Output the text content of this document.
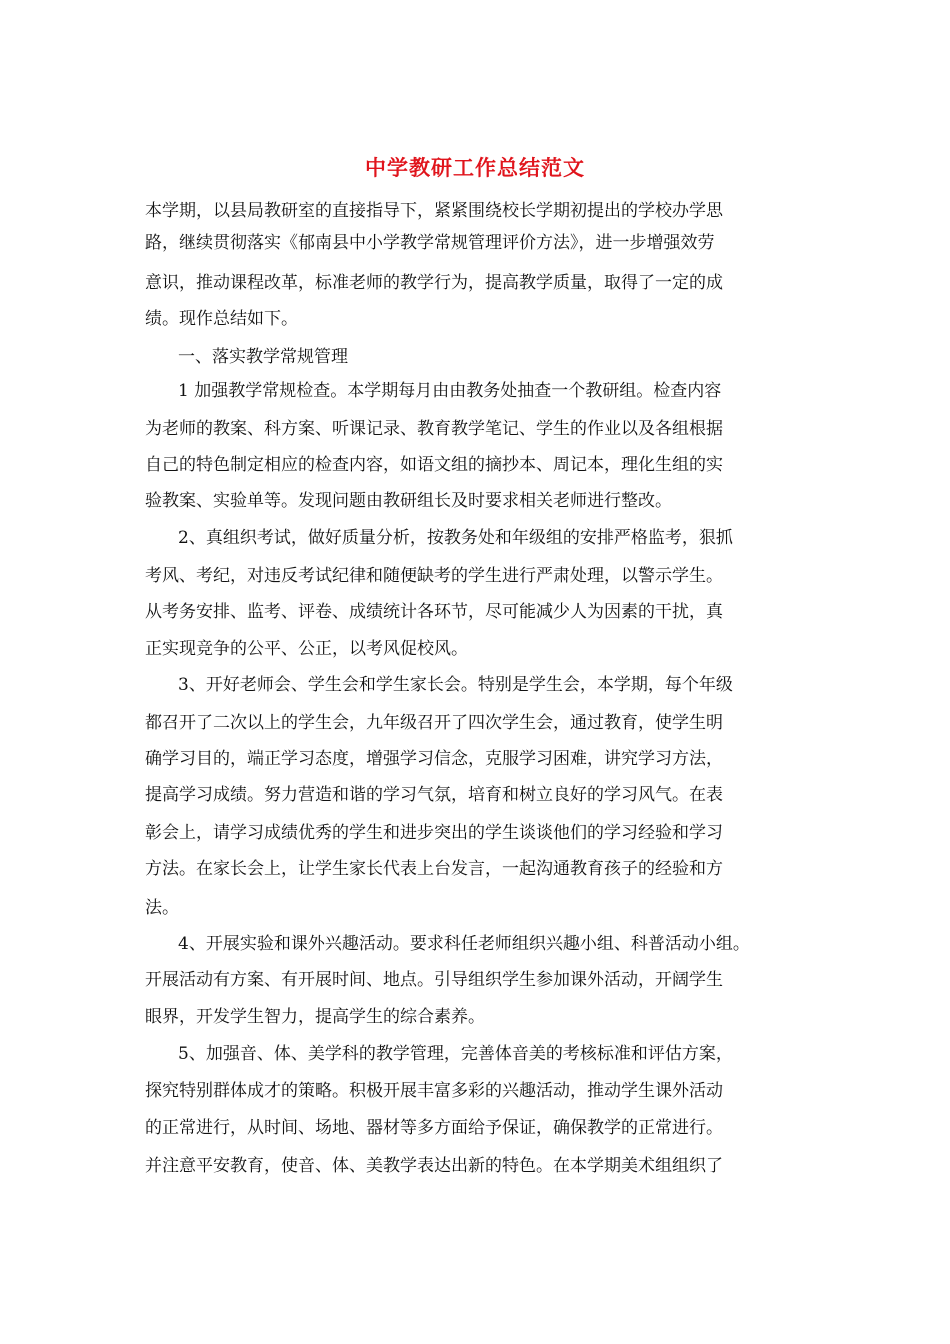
中学教研工作总结范文
本学期，以县局教研室的直接指导下，紧紧围绕校长学期初提出的学校办学思
路，继续贯彻落实《郁南县中小学教学常规管理评价方法》，进一步增强效劳
意识，推动课程改革，标准老师的教学行为，提高教学质量，取得了一定的成
绩。现作总结如下。
一、落实教学常规管理
1 加强教学常规检查。本学期每月由由教务处抽查一个教研组。检查内容
为老师的教案、科方案、听课记录、教育教学笔记、学生的作业以及各组根据
自己的特色制定相应的检查内容，如语文组的摘抄本、周记本，理化生组的实
验教案、实验单等。发现问题由教研组长及时要求相关老师进行整改。
2、真组织考试，做好质量分析，按教务处和年级组的安排严格监考，狠抓
考风、考纪，对违反考试纪律和随便缺考的学生进行严肃处理，以警示学生。
从考务安排、监考、评卷、成绩统计各环节，尽可能减少人为因素的干扰，真
正实现竞争的公平、公正，以考风促校风。
3、开好老师会、学生会和学生家长会。特别是学生会，本学期，每个年级
都召开了二次以上的学生会，九年级召开了四次学生会，通过教育，使学生明
确学习目的，端正学习态度，增强学习信念，克服学习困难，讲究学习方法，
提高学习成绩。努力营造和谐的学习气氛，培育和树立良好的学习风气。在表
彰会上，请学习成绩优秀的学生和进步突出的学生谈谈他们的学习经验和学习
方法。在家长会上，让学生家长代表上台发言，一起沟通教育孩子的经验和方
法。
4、开展实验和课外兴趣活动。要求科任老师组织兴趣小组、科普活动小组。
开展活动有方案、有开展时间、地点。引导组织学生参加课外活动，开阔学生
眼界，开发学生智力，提高学生的综合素养。
5、加强音、体、美学科的教学管理，完善体音美的考核标准和评估方案，
探究特别群体成才的策略。积极开展丰富多彩的兴趣活动，推动学生课外活动
的正常进行，从时间、场地、器材等多方面给予保证，确保教学的正常进行。
并注意平安教育，使音、体、美教学表达出新的特色。在本学期美术组组织了
